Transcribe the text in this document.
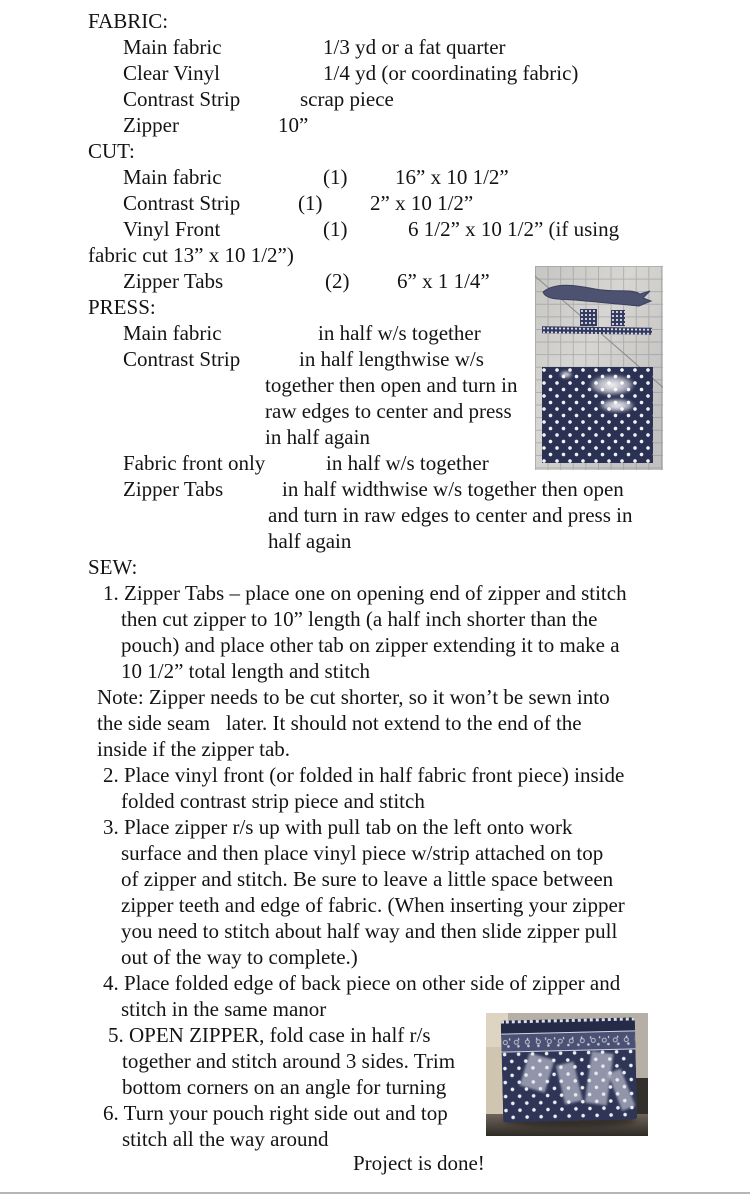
FABRIC:
Main fabric	1/3 yd or a fat quarter
Clear Vinyl	1/4 yd (or coordinating fabric)
Contrast Strip	scrap piece
Zipper	10”
CUT:
Main fabric	(1) 16” x 10 1/2”
Contrast Strip	(1) 2” x 10 1/2”
Vinyl Front	(1)	6 1/2” x 10 1/2” (if using
fabric cut 13” x 10 1/2”)
Zipper Tabs	(2) 6” x 1 1/4”
PRESS:
Main fabric	in half w/s together
Contrast Strip	in half lengthwise w/s
together then open and turn in
raw edges to center and press
in half again
Fabric front only	in half w/s together
Zipper Tabs	in half widthwise w/s together then open
and turn in raw edges to center and press in
half again
SEW:
1. Zipper Tabs – place one on opening end of zipper and stitch
then cut zipper to 10” length (a half inch shorter than the
pouch) and place other tab on zipper extending it to make a
10 1/2” total length and stitch
Note: Zipper needs to be cut shorter, so it won’t be sewn into
the side seam   later. It should not extend to the end of the
inside if the zipper tab.
2. Place vinyl front (or folded in half fabric front piece) inside
folded contrast strip piece and stitch
3. Place zipper r/s up with pull tab on the left onto work
surface and then place vinyl piece w/strip attached on top
of zipper and stitch. Be sure to leave a little space between
zipper teeth and edge of fabric. (When inserting your zipper
you need to stitch about half way and then slide zipper pull
out of the way to complete.)
4. Place folded edge of back piece on other side of zipper and
stitch in the same manor
5. OPEN ZIPPER, fold case in half r/s
together and stitch around 3 sides. Trim
bottom corners on an angle for turning
6. Turn your pouch right side out and top
stitch all the way around
Project is done!
